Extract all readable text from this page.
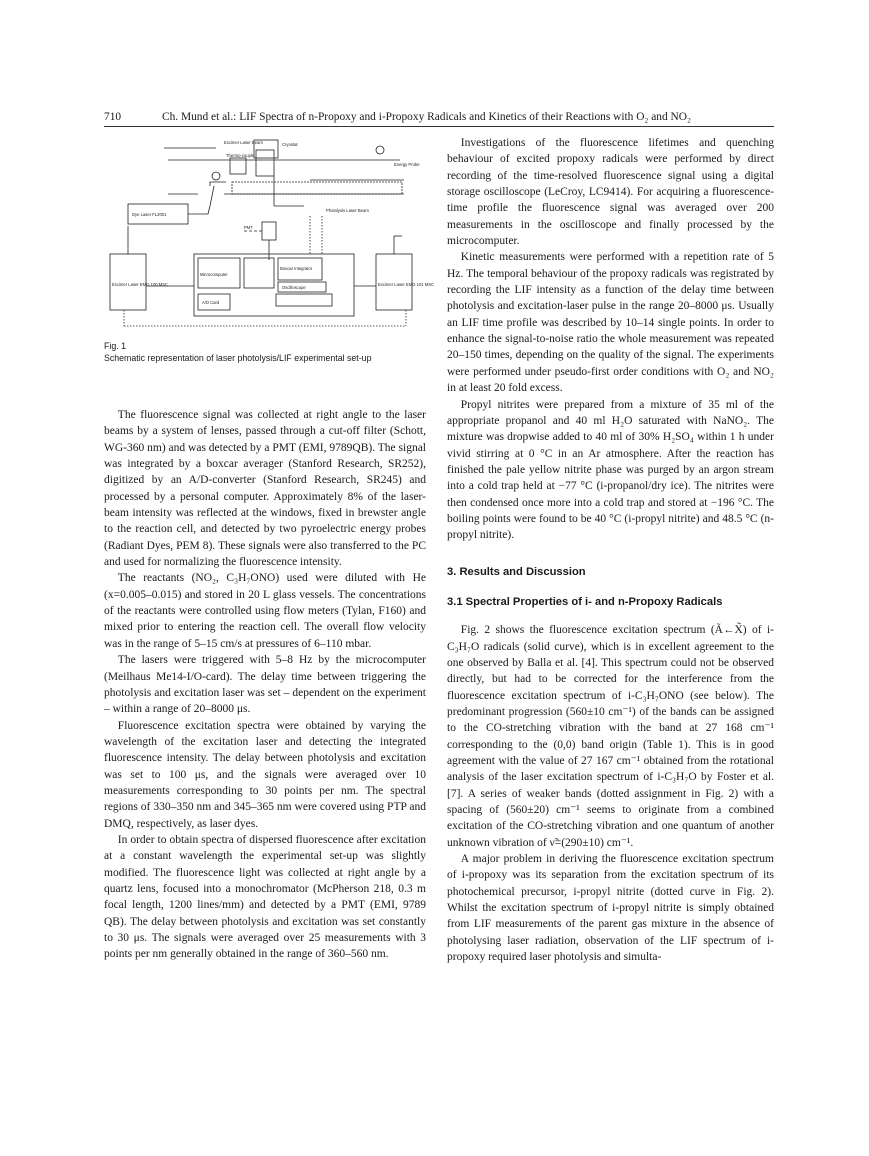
710	Ch. Mund et al.: LIF Spectra of n-Propoxy and i-Propoxy Radicals and Kinetics of their Reactions with O₂ and NO₂
Excimer Laser Beam
Thermo-couple
Cryostat
Energy Probe
Dye Laser FL2001
PMT
Photolysis Laser Beam
Excimer Laser EMG 100 MSC
Microcomputer
Boxcar Integrator
Oscilloscope
A/D Card
Excimer Laser EMG 101 MSC
Fig. 1
Schematic representation of laser photolysis/LIF experimental set-up

The fluorescence signal was collected at right angle to the laser beams by a system of lenses, passed through a cut-off filter (Schott, WG-360 nm) and was detected by a PMT (EMI, 9789QB). The signal was integrated by a boxcar averager (Stanford Research, SR252), digitized by an A/D-converter (Stanford Research, SR245) and processed by a personal computer. Approximately 8% of the laser-beam intensity was reflected at the windows, fixed in brewster angle to the reaction cell, and detected by two pyroelectric energy probes (Radiant Dyes, PEM 8). These signals were also transferred to the PC and used for normalizing the fluorescence intensity.

The reactants (NO₂, C₃H₇ONO) used were diluted with He (x=0.005–0.015) and stored in 20 L glass vessels. The concentrations of the reactants were controlled using flow meters (Tylan, F160) and mixed prior to entering the reaction cell. The overall flow velocity was in the range of 5–15 cm/s at pressures of 6–110 mbar.

The lasers were triggered with 5–8 Hz by the microcomputer (Meilhaus Me14-I/O-card). The delay time between triggering the photolysis and excitation laser was set – dependent on the experiment – within a range of 20–8000 μs.

Fluorescence excitation spectra were obtained by varying the wavelength of the excitation laser and detecting the integrated fluorescence intensity. The delay between photolysis and excitation was set to 100 μs, and the signals were averaged over 10 measurements corresponding to 30 points per nm. The spectral regions of 330–350 nm and 345–365 nm were covered using PTP and DMQ, respectively, as laser dyes.

In order to obtain spectra of dispersed fluorescence after excitation at a constant wavelength the experimental set-up was slightly modified. The fluorescence light was collected at right angle by a quartz lens, focused into a monochromator (McPherson 218, 0.3 m focal length, 1200 lines/mm) and detected by a PMT (EMI, 9789 QB). The delay between photolysis and excitation was set constantly to 30 μs. The signals were averaged over 25 measurements with 3 points per nm generally obtained in the range of 360–560 nm.

Investigations of the fluorescence lifetimes and quenching behaviour of excited propoxy radicals were performed by direct recording of the time-resolved fluorescence signal using a digital storage oscilloscope (LeCroy, LC9414). For acquiring a fluorescence-time profile the fluorescence signal was averaged over 200 measurements in the oscilloscope and finally processed by the microcomputer.

Kinetic measurements were performed with a repetition rate of 5 Hz. The temporal behaviour of the propoxy radicals was registrated by recording the LIF intensity as a function of the delay time between photolysis and excitation-laser pulse in the range 20–8000 μs. Usually an LIF time profile was described by 10–14 single points. In order to enhance the signal-to-noise ratio the whole measurement was repeated 20–150 times, depending on the quality of the signal. The experiments were performed under pseudo-first order conditions with O₂ and NO₂ in at least 20 fold excess.

Propyl nitrites were prepared from a mixture of 35 ml of the appropriate propanol and 40 ml H₂O saturated with NaNO₂. The mixture was dropwise added to 40 ml of 30% H₂SO₄ within 1 h under vivid stirring at 0 °C in an Ar atmosphere. After the reaction has finished the pale yellow nitrite phase was purged by an argon stream into a cold trap held at −77 °C (i-propanol/dry ice). The nitrites were then condensed once more into a cold trap and stored at −196 °C. The boiling points were found to be 40 °C (i-propyl nitrite) and 48.5 °C (n-propyl nitrite).

3. Results and Discussion
3.1 Spectral Properties of i- and n-Propoxy Radicals

Fig. 2 shows the fluorescence excitation spectrum (Ã←X̃) of i-C₃H₇O radicals (solid curve), which is in excellent agreement to the one observed by Balla et al. [4]. This spectrum could not be observed directly, but had to be corrected for the interference from the fluorescence excitation spectrum of i-C₃H₇ONO (see below). The predominant progression (560±10 cm⁻¹) of the bands can be assigned to the CO-stretching vibration with the band at 27 168 cm⁻¹ corresponding to the (0,0) band origin (Table 1). This is in good agreement with the value of 27 167 cm⁻¹ obtained from the rotational analysis of the laser excitation spectrum of i-C₃H₇O by Foster et al. [7]. A series of weaker bands (dotted assignment in Fig. 2) with a spacing of (560±20) cm⁻¹ seems to originate from a combined excitation of the CO-stretching vibration and one quantum of another unknown vibration of ν̃=(290±10) cm⁻¹.

A major problem in deriving the fluorescence excitation spectrum of i-propoxy was its separation from the excitation spectrum of its photochemical precursor, i-propyl nitrite (dotted curve in Fig. 2). Whilst the excitation spectrum of i-propyl nitrite is simply obtained from LIF measurements of the parent gas mixture in the absence of photolysing laser radiation, observation of the LIF spectrum of i-propoxy required laser photolysis and simulta-
